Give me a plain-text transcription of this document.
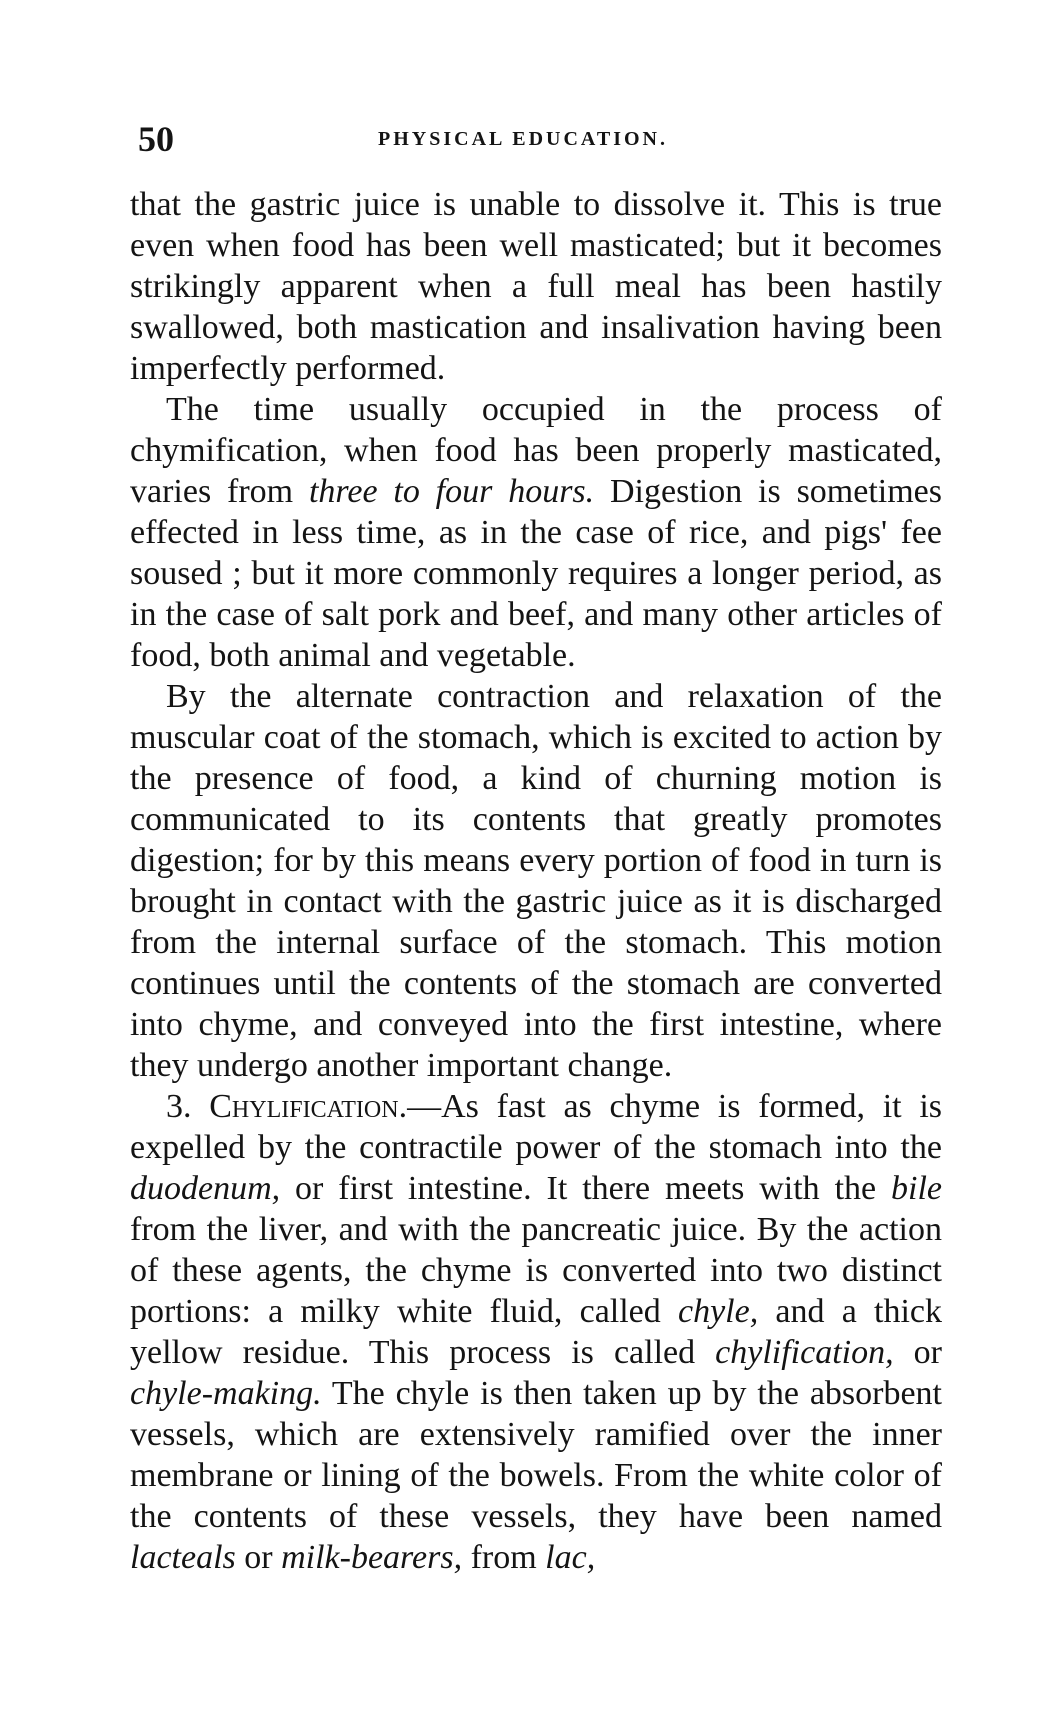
50	PHYSICAL EDUCATION.

that the gastric juice is unable to dissolve it. This is true even when food has been well masticated; but it becomes strikingly apparent when a full meal has been hastily swallowed, both mastication and insalivation having been imperfectly performed.

The time usually occupied in the process of chymification, when food has been properly masticated, varies from three to four hours. Digestion is sometimes effected in less time, as in the case of rice, and pigs' fee soused ; but it more commonly requires a longer period, as in the case of salt pork and beef, and many other articles of food, both animal and vegetable.

By the alternate contraction and relaxation of the muscular coat of the stomach, which is excited to action by the presence of food, a kind of churning motion is communicated to its contents that greatly promotes digestion; for by this means every portion of food in turn is brought in contact with the gastric juice as it is discharged from the internal surface of the stomach. This motion continues until the contents of the stomach are converted into chyme, and conveyed into the first intestine, where they undergo another important change.

3. Chylification.—As fast as chyme is formed, it is expelled by the contractile power of the stomach into the duodenum, or first intestine. It there meets with the bile from the liver, and with the pancreatic juice. By the action of these agents, the chyme is converted into two distinct portions: a milky white fluid, called chyle, and a thick yellow residue. This process is called chylification, or chyle-making. The chyle is then taken up by the absorbent vessels, which are extensively ramified over the inner membrane or lining of the bowels. From the white color of the contents of these vessels, they have been named lacteals or milk-bearers, from lac,
